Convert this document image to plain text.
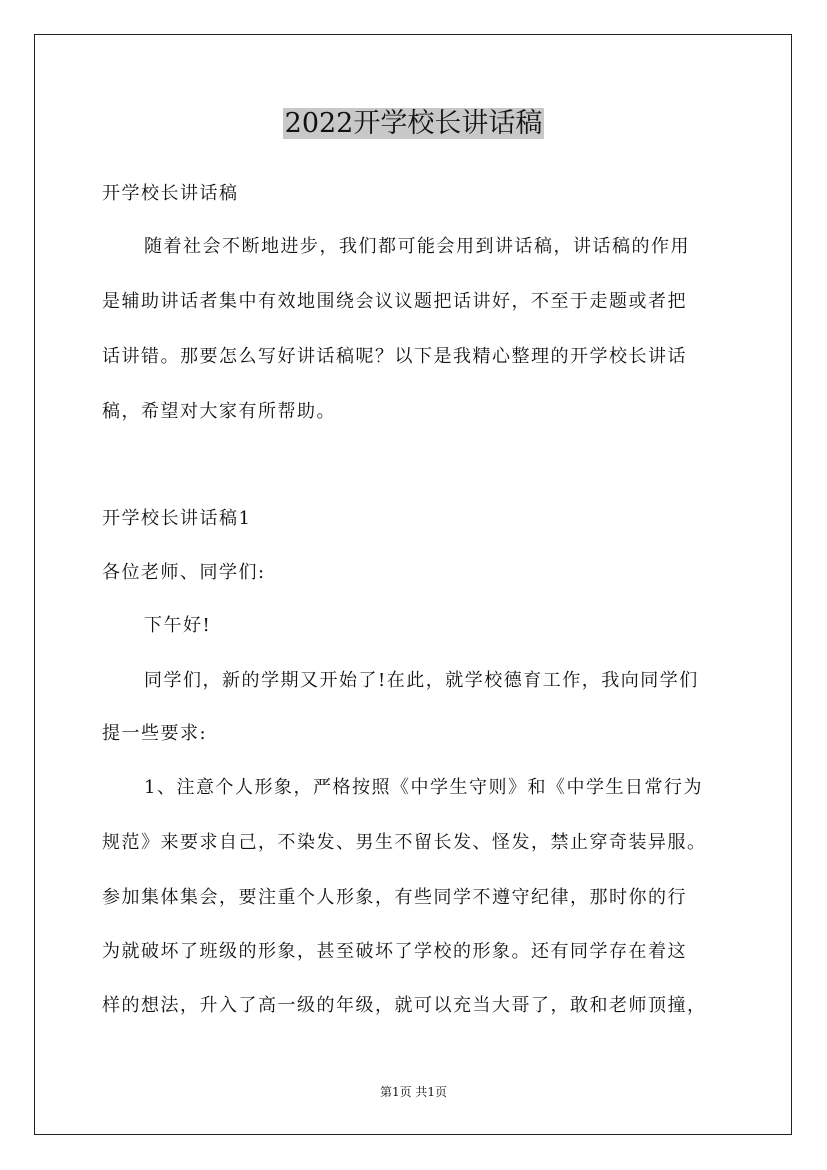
2022开学校长讲话稿
开学校长讲话稿
随着社会不断地进步，我们都可能会用到讲话稿，讲话稿的作用
是辅助讲话者集中有效地围绕会议议题把话讲好，不至于走题或者把
话讲错。那要怎么写好讲话稿呢？以下是我精心整理的开学校长讲话
稿，希望对大家有所帮助。
开学校长讲话稿1
各位老师、同学们:
下午好!
同学们，新的学期又开始了!在此，就学校德育工作，我向同学们
提一些要求:
1、注意个人形象，严格按照《中学生守则》和《中学生日常行为
规范》来要求自己，不染发、男生不留长发、怪发，禁止穿奇装异服。
参加集体集会，要注重个人形象，有些同学不遵守纪律，那时你的行
为就破坏了班级的形象，甚至破坏了学校的形象。还有同学存在着这
样的想法，升入了高一级的年级，就可以充当大哥了，敢和老师顶撞，
第1页 共1页
